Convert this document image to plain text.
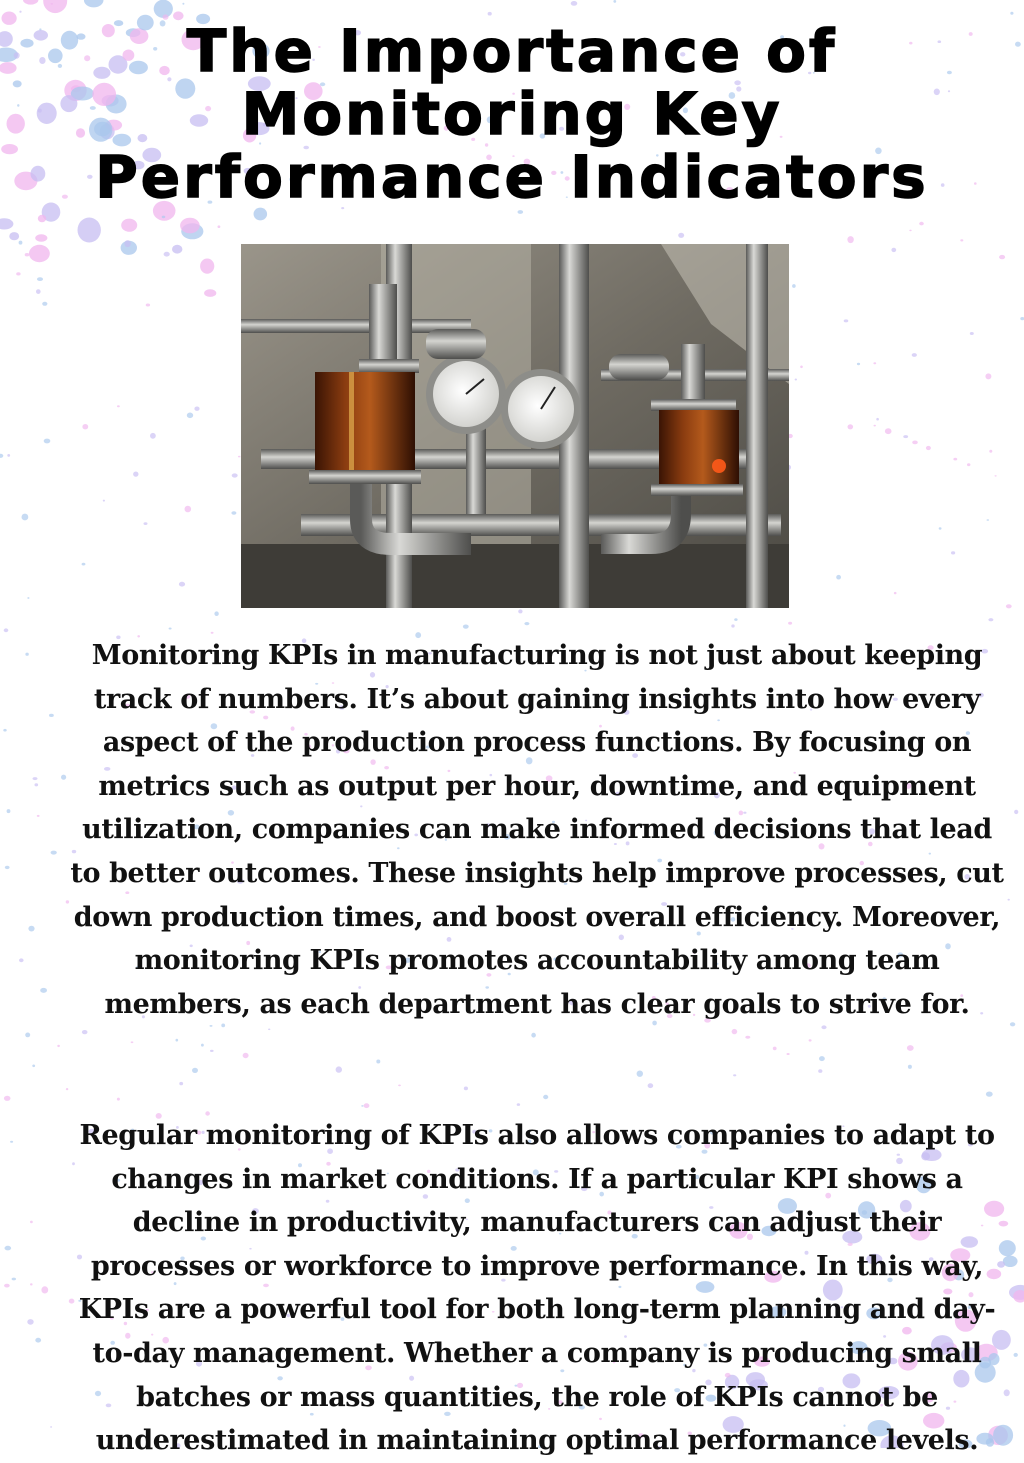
The Importance of Monitoring Key Performance Indicators

Monitoring KPIs in manufacturing is not just about keeping track of numbers. It’s about gaining insights into how every aspect of the production process functions. By focusing on metrics such as output per hour, downtime, and equipment utilization, companies can make informed decisions that lead to better outcomes. These insights help improve processes, cut down production times, and boost overall efficiency. Moreover, monitoring KPIs promotes accountability among team members, as each department has clear goals to strive for.

Regular monitoring of KPIs also allows companies to adapt to changes in market conditions. If a particular KPI shows a decline in productivity, manufacturers can adjust their processes or workforce to improve performance. In this way, KPIs are a powerful tool for both long-term planning and day-to-day management. Whether a company is producing small batches or mass quantities, the role of KPIs cannot be underestimated in maintaining optimal performance levels.
